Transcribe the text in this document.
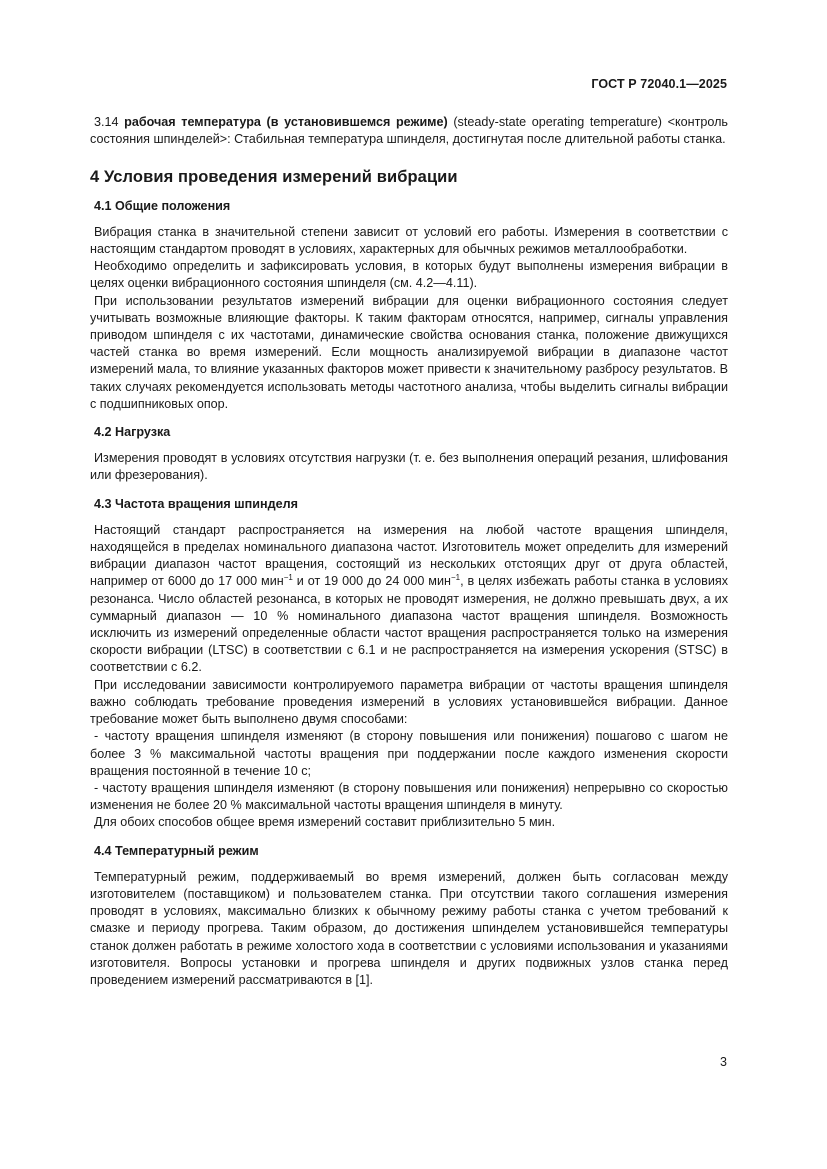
ГОСТ Р 72040.1—2025

3.14 рабочая температура (в установившемся режиме) (steady-state operating temperature) <контроль состояния шпинделей>: Стабильная температура шпинделя, достигнутая после длительной работы станка.

4 Условия проведения измерений вибрации
4.1 Общие положения

Вибрация станка в значительной степени зависит от условий его работы. Измерения в соответствии с настоящим стандартом проводят в условиях, характерных для обычных режимов металлообработки.

Необходимо определить и зафиксировать условия, в которых будут выполнены измерения вибрации в целях оценки вибрационного состояния шпинделя (см. 4.2—4.11).

При использовании результатов измерений вибрации для оценки вибрационного состояния следует учитывать возможные влияющие факторы. К таким факторам относятся, например, сигналы управления приводом шпинделя с их частотами, динамические свойства основания станка, положение движущихся частей станка во время измерений. Если мощность анализируемой вибрации в диапазоне частот измерений мала, то влияние указанных факторов может привести к значительному разбросу результатов. В таких случаях рекомендуется использовать методы частотного анализа, чтобы выделить сигналы вибрации с подшипниковых опор.

4.2 Нагрузка

Измерения проводят в условиях отсутствия нагрузки (т. е. без выполнения операций резания, шлифования или фрезерования).

4.3 Частота вращения шпинделя

Настоящий стандарт распространяется на измерения на любой частоте вращения шпинделя, находящейся в пределах номинального диапазона частот. Изготовитель может определить для измерений вибрации диапазон частот вращения, состоящий из нескольких отстоящих друг от друга областей, например от 6000 до 17 000 мин$^{-1}$ и от 19 000 до 24 000 мин$^{-1}$, в целях избежать работы станка в условиях резонанса. Число областей резонанса, в которых не проводят измерения, не должно превышать двух, а их суммарный диапазон — 10 % номинального диапазона частот вращения шпинделя. Возможность исключить из измерений определенные области частот вращения распространяется только на измерения скорости вибрации (LTSC) в соответствии с 6.1 и не распространяется на измерения ускорения (STSC) в соответствии с 6.2.

При исследовании зависимости контролируемого параметра вибрации от частоты вращения шпинделя важно соблюдать требование проведения измерений в условиях установившейся вибрации. Данное требование может быть выполнено двумя способами:

- частоту вращения шпинделя изменяют (в сторону повышения или понижения) пошагово с шагом не более 3 % максимальной частоты вращения при поддержании после каждого изменения скорости вращения постоянной в течение 10 с;

- частоту вращения шпинделя изменяют (в сторону повышения или понижения) непрерывно со скоростью изменения не более 20 % максимальной частоты вращения шпинделя в минуту.

Для обоих способов общее время измерений составит приблизительно 5 мин.

4.4 Температурный режим

Температурный режим, поддерживаемый во время измерений, должен быть согласован между изготовителем (поставщиком) и пользователем станка. При отсутствии такого соглашения измерения проводят в условиях, максимально близких к обычному режиму работы станка с учетом требований к смазке и периоду прогрева. Таким образом, до достижения шпинделем установившейся температуры станок должен работать в режиме холостого хода в соответствии с условиями использования и указаниями изготовителя. Вопросы установки и прогрева шпинделя и других подвижных узлов станка перед проведением измерений рассматриваются в [1].

3
